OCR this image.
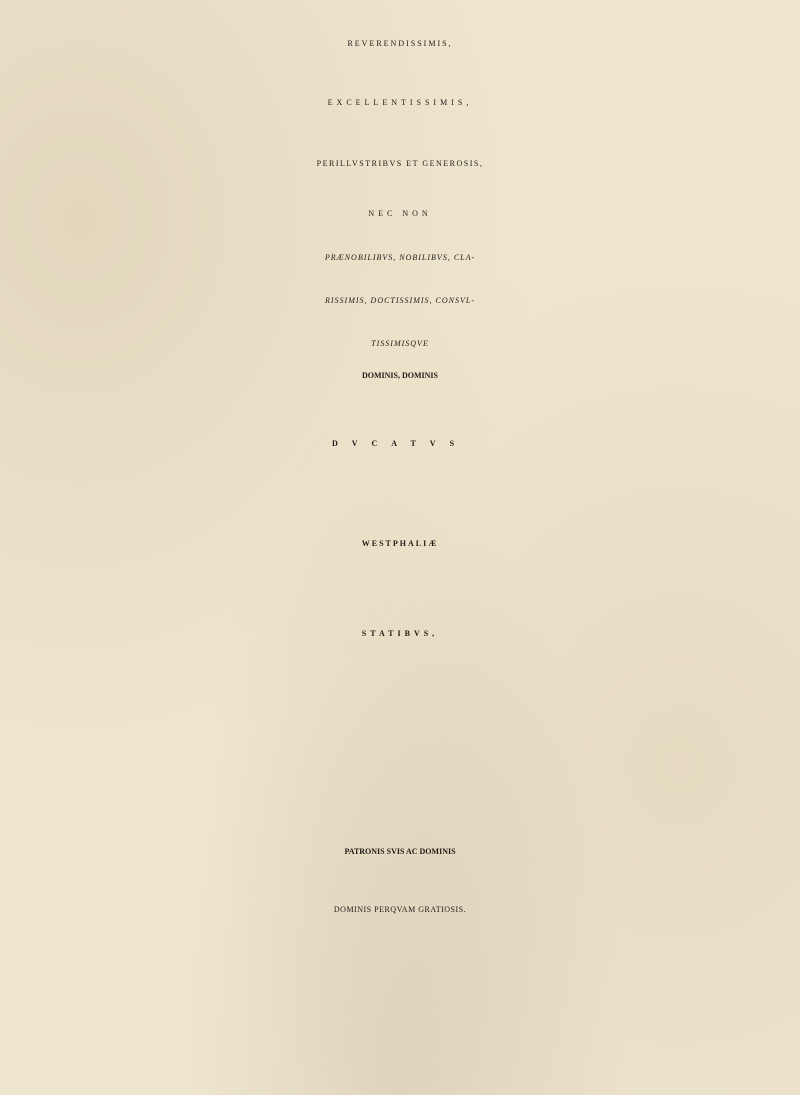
REVERENDISSIMIS,
EXCELLENTISSIMIS,
PERILLVSTRIBVS ET GENEROSIS,
NEC NON
PRÆNOBILIBVS, NOBILIBVS, CLA-
RISSIMIS, DOCTISSIMIS, CONSVL-
TISSIMISQVE
DOMINIS, DOMINIS
DVCATVS
WESTPHALIÆ
STATIBVS,
PATRONIS SVIS AC DOMINIS
DOMINIS PERQVAM GRATIOSIS.
